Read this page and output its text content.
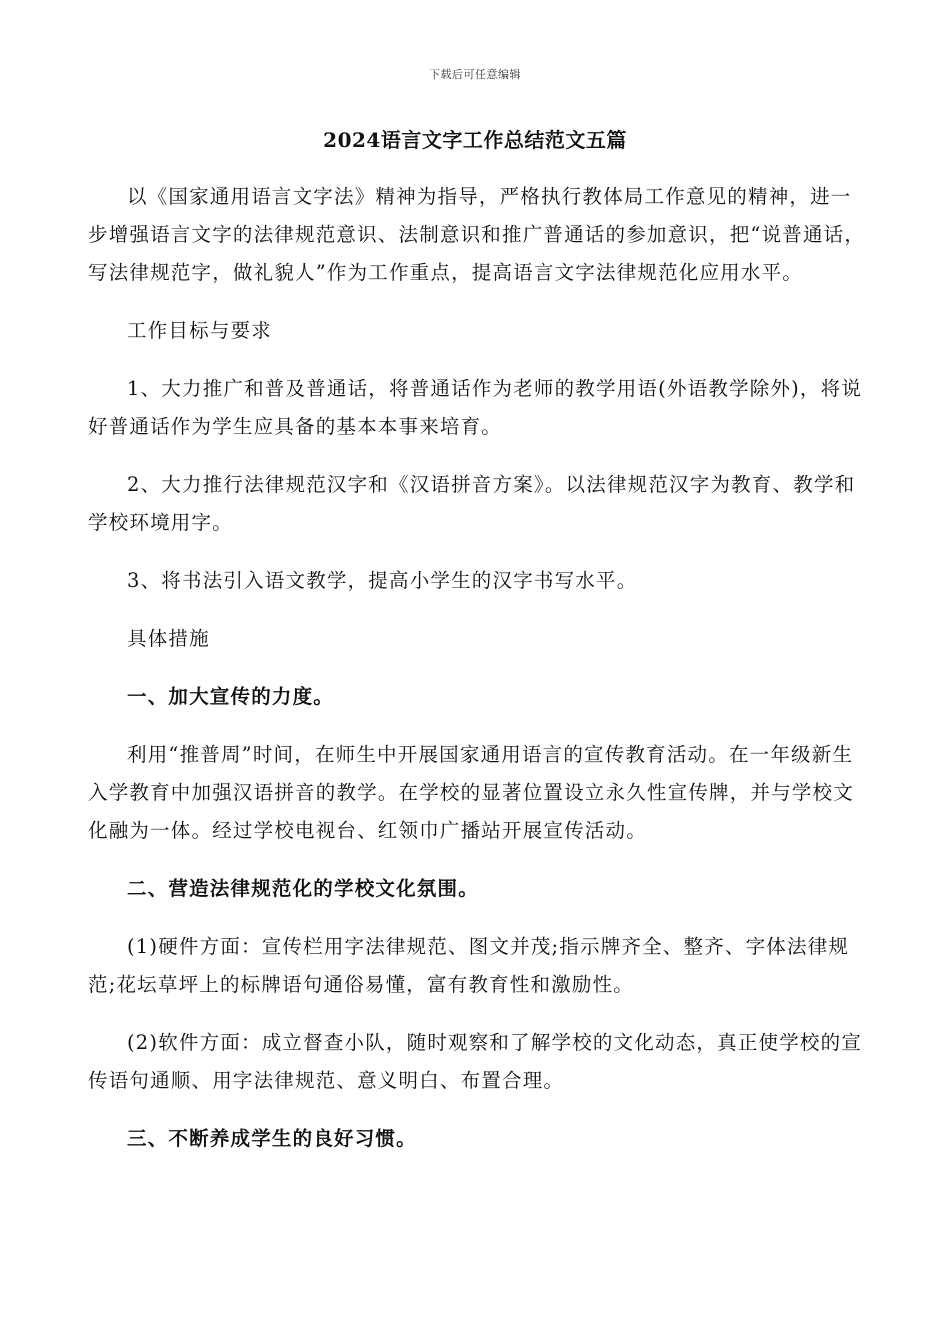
下载后可任意编辑
2024语言文字工作总结范文五篇

以《国家通用语言文字法》精神为指导，严格执行教体局工作意见的精神，进一步增强语言文字的法律规范意识、法制意识和推广普通话的参加意识，把“说普通话，写法律规范字，做礼貌人”作为工作重点，提高语言文字法律规范化应用水平。

工作目标与要求

1、大力推广和普及普通话，将普通话作为老师的教学用语(外语教学除外)，将说好普通话作为学生应具备的基本本事来培育。

2、大力推行法律规范汉字和《汉语拼音方案》。以法律规范汉字为教育、教学和学校环境用字。

3、将书法引入语文教学，提高小学生的汉字书写水平。

具体措施

一、加大宣传的力度。

利用“推普周”时间，在师生中开展国家通用语言的宣传教育活动。在一年级新生入学教育中加强汉语拼音的教学。在学校的显著位置设立永久性宣传牌，并与学校文化融为一体。经过学校电视台、红领巾广播站开展宣传活动。

二、营造法律规范化的学校文化氛围。

(1)硬件方面：宣传栏用字法律规范、图文并茂;指示牌齐全、整齐、字体法律规范;花坛草坪上的标牌语句通俗易懂，富有教育性和激励性。

(2)软件方面：成立督查小队，随时观察和了解学校的文化动态，真正使学校的宣传语句通顺、用字法律规范、意义明白、布置合理。

三、不断养成学生的良好习惯。
